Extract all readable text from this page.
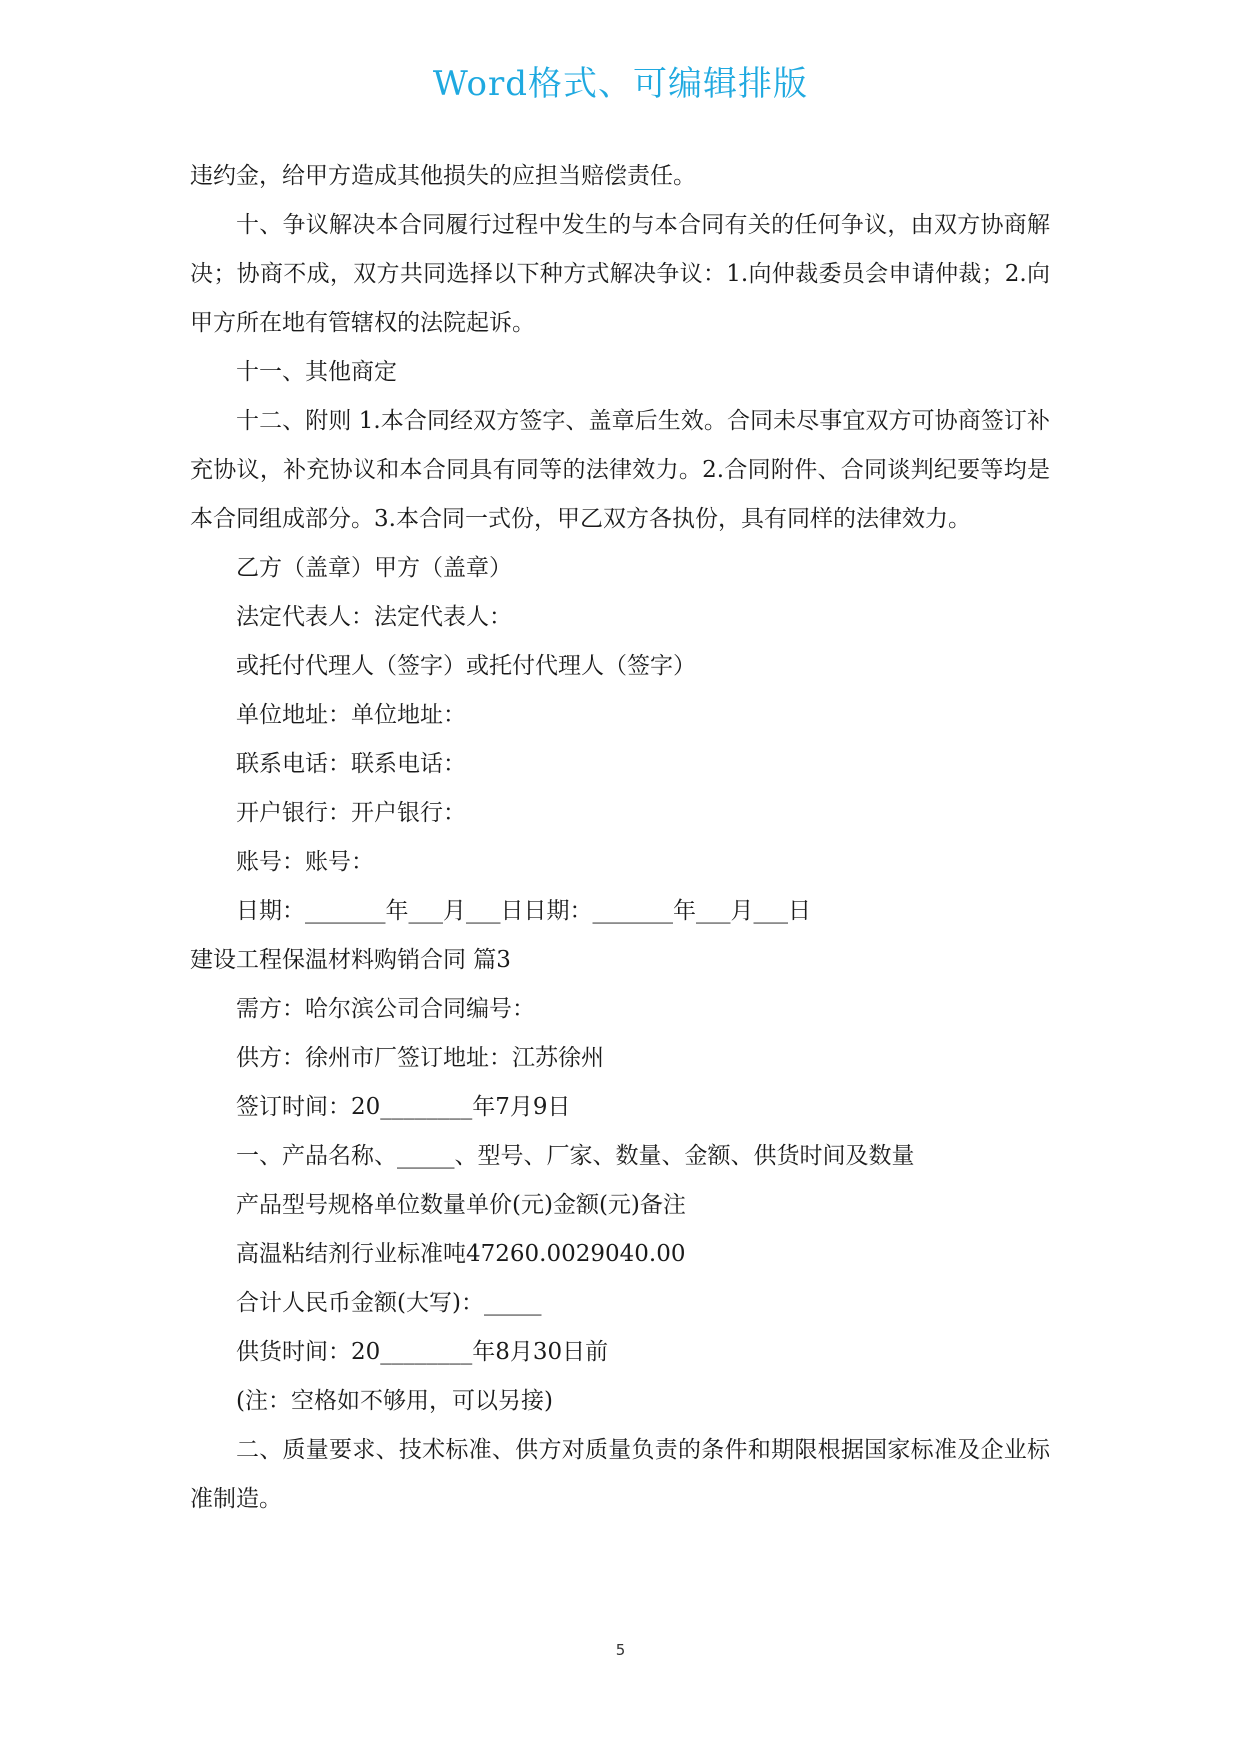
Word格式、可编辑排版

违约金，给甲方造成其他损失的应担当赔偿责任。

十、争议解决本合同履行过程中发生的与本合同有关的任何争议，由双方协商解决；协商不成，双方共同选择以下种方式解决争议：1.向仲裁委员会申请仲裁；2.向甲方所在地有管辖权的法院起诉。

十一、其他商定

十二、附则 1.本合同经双方签字、盖章后生效。合同未尽事宜双方可协商签订补充协议，补充协议和本合同具有同等的法律效力。2.合同附件、合同谈判纪要等均是本合同组成部分。3.本合同一式份，甲乙双方各执份，具有同样的法律效力。

乙方（盖章）甲方（盖章）

法定代表人：法定代表人：

或托付代理人（签字）或托付代理人（签字）

单位地址：单位地址：

联系电话：联系电话：

开户银行：开户银行：

账号：账号：

日期：_______年___月___日日期：_______年___月___日

建设工程保温材料购销合同 篇3

需方：哈尔滨公司合同编号：

供方：徐州市厂签订地址：江苏徐州

签订时间：20________年7月9日

一、产品名称、_____、型号、厂家、数量、金额、供货时间及数量

产品型号规格单位数量单价(元)金额(元)备注

高温粘结剂行业标准吨47260.0029040.00

合计人民币金额(大写)：_____

供货时间：20________年8月30日前

(注：空格如不够用，可以另接)

二、质量要求、技术标准、供方对质量负责的条件和期限根据国家标准及企业标准制造。

5
